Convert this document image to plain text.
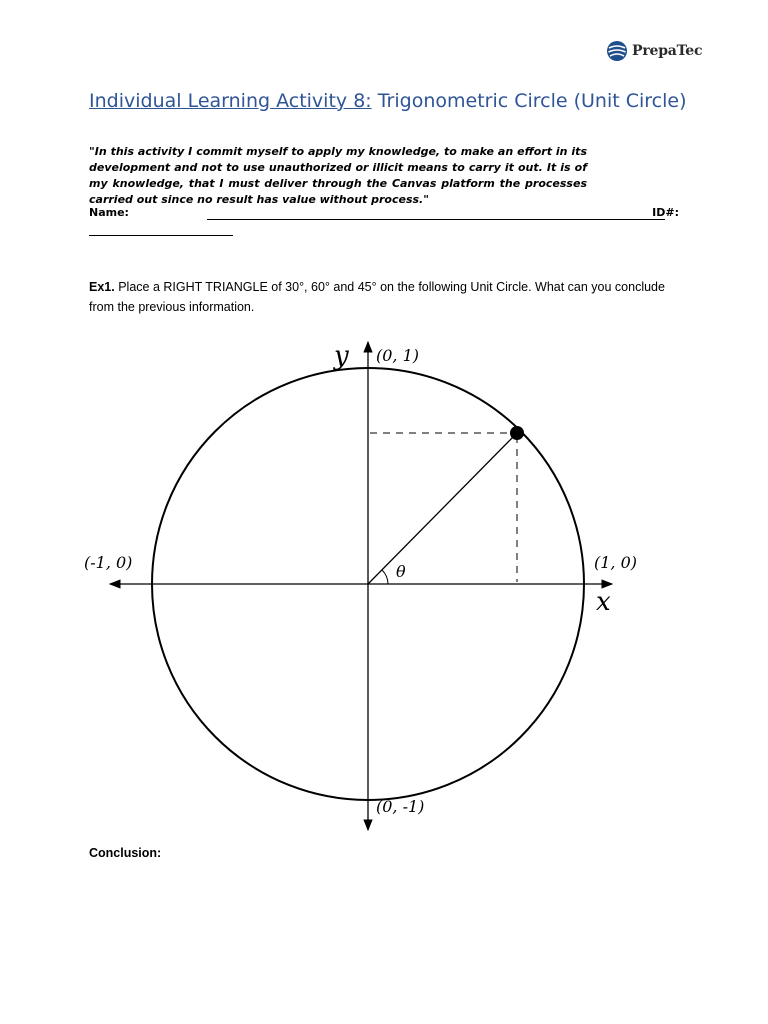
PrepaTec
Individual Learning Activity 8: Trigonometric Circle (Unit Circle)

"In this activity I commit myself to apply my knowledge, to make an effort in its development and not to use unauthorized or illicit means to carry it out. It is of my knowledge, that I must deliver through the Canvas platform the processes carried out since no result has value without process."

Name:	ID#:

Ex1. Place a RIGHT TRIANGLE of 30°, 60° and 45° on the following Unit Circle. What can you conclude from the previous information.

y
x
(0, 1)
(0, -1)
(-1, 0)	(1, 0)
θ
Conclusion:
